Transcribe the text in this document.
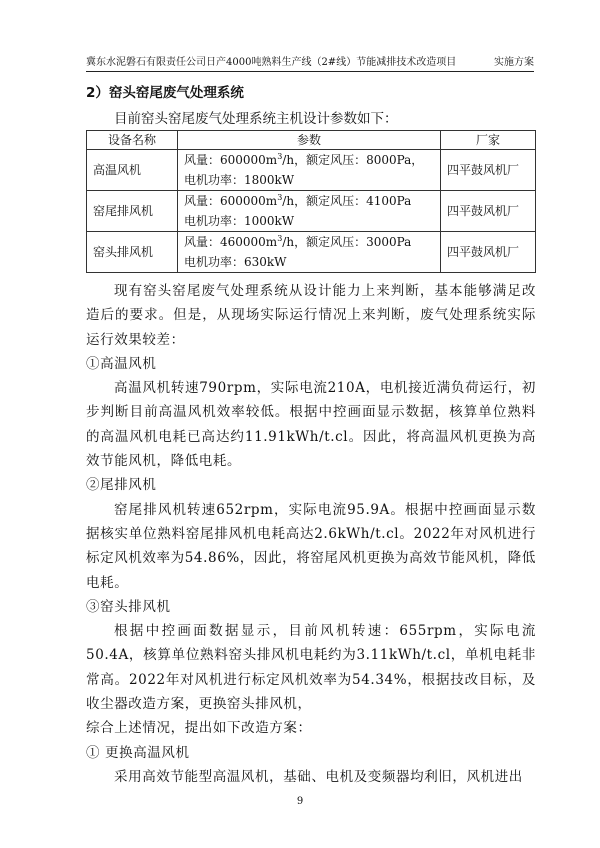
冀东水泥磐石有限责任公司日产4000吨熟料生产线（2#线）节能减排技术改造项目	实施方案
2）窑头窑尾废气处理系统

目前窑头窑尾废气处理系统主机设计参数如下：

设备名称	参数	厂家
高温风机	风量：$600000m^3/h$，额定风压：8000Pa，
电机功率：1800kW	四平鼓风机厂
窑尾排风机	风量：$600000m^3/h$，额定风压：4100Pa
电机功率：1000kW	四平鼓风机厂
窑头排风机	风量：$460000m^3/h$，额定风压：3000Pa
电机功率：630kW	四平鼓风机厂

现有窑头窑尾废气处理系统从设计能力上来判断，基本能够满足改造后的要求。但是，从现场实际运行情况上来判断，废气处理系统实际运行效果较差：

①高温风机

高温风机转速790rpm，实际电流210A，电机接近满负荷运行，初步判断目前高温风机效率较低。根据中控画面显示数据，核算单位熟料的高温风机电耗已高达约11.91kWh/t.cl。因此，将高温风机更换为高效节能风机，降低电耗。

②尾排风机

窑尾排风机转速652rpm，实际电流95.9A。根据中控画面显示数据核实单位熟料窑尾排风机电耗高达2.6kWh/t.cl。2022年对风机进行标定风机效率为54.86%，因此，将窑尾风机更换为高效节能风机，降低电耗。

③窑头排风机

根据中控画面数据显示，目前风机转速：655rpm，实际电流50.4A，核算单位熟料窑头排风机电耗约为3.11kWh/t.cl，单机电耗非常高。2022年对风机进行标定风机效率为54.34%，根据技改目标，及收尘器改造方案，更换窑头排风机，

综合上述情况，提出如下改造方案：

① 更换高温风机

采用高效节能型高温风机，基础、电机及变频器均利旧，风机进出

9
